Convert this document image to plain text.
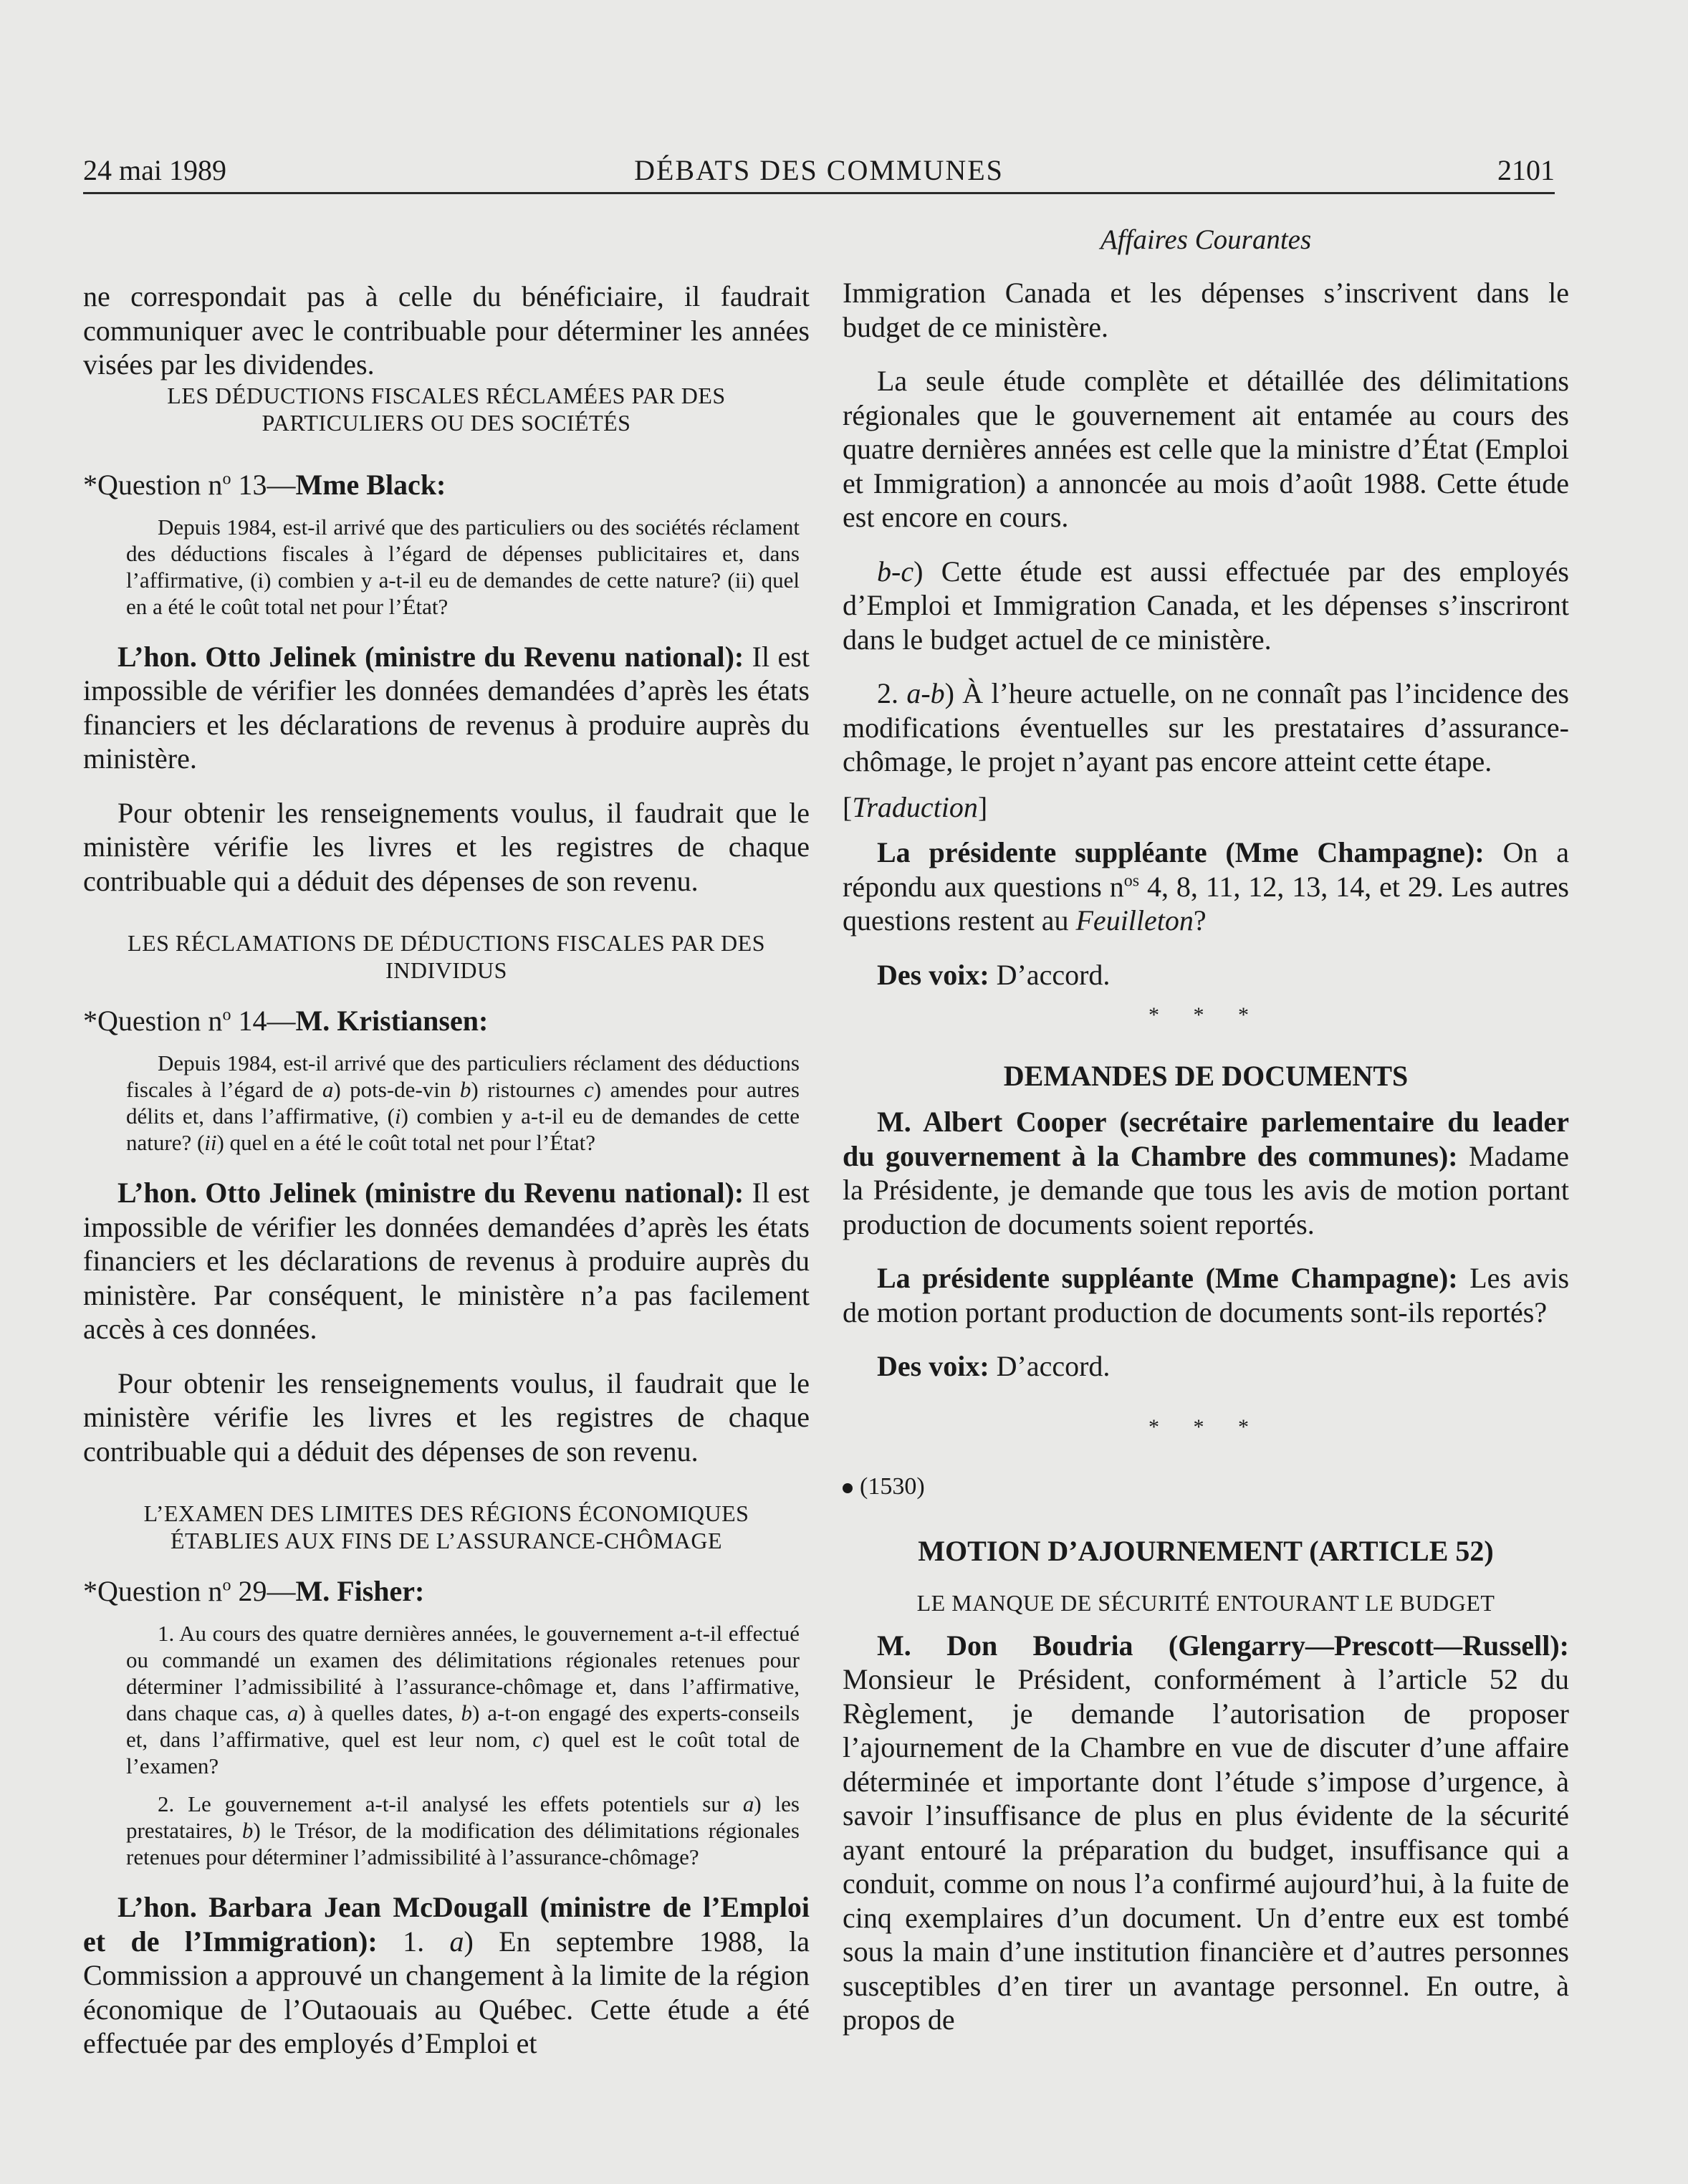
24 mai 1989	DÉBATS DES COMMUNES	2101
Affaires Courantes

ne correspondait pas à celle du bénéficiaire, il faudrait communiquer avec le contribuable pour déterminer les années visées par les dividendes.

LES DÉDUCTIONS FISCALES RÉCLAMÉES PAR DES PARTICULIERS OU DES SOCIÉTÉS

*Question $n^o$ 13—Mme Black:

Depuis 1984, est-il arrivé que des particuliers ou des sociétés réclament des déductions fiscales à l’égard de dépenses publicitaires et, dans l’affirmative, (i) combien y a-t-il eu de demandes de cette nature? (ii) quel en a été le coût total net pour l’État?

L’hon. Otto Jelinek (ministre du Revenu national): Il est impossible de vérifier les données demandées d’après les états financiers et les déclarations de revenus à produire auprès du ministère.

Pour obtenir les renseignements voulus, il faudrait que le ministère vérifie les livres et les registres de chaque contribuable qui a déduit des dépenses de son revenu.

LES RÉCLAMATIONS DE DÉDUCTIONS FISCALES PAR DES INDIVIDUS

*Question $n^o$ 14—M. Kristiansen:

Depuis 1984, est-il arrivé que des particuliers réclament des déductions fiscales à l’égard de a) pots-de-vin b) ristournes c) amendes pour autres délits et, dans l’affirmative, (i) combien y a-t-il eu de demandes de cette nature? (ii) quel en a été le coût total net pour l’État?

L’hon. Otto Jelinek (ministre du Revenu national): Il est impossible de vérifier les données demandées d’après les états financiers et les déclarations de revenus à produire auprès du ministère. Par conséquent, le ministère n’a pas facilement accès à ces données.

Pour obtenir les renseignements voulus, il faudrait que le ministère vérifie les livres et les registres de chaque contribuable qui a déduit des dépenses de son revenu.

L’EXAMEN DES LIMITES DES RÉGIONS ÉCONOMIQUES ÉTABLIES AUX FINS DE L’ASSURANCE-CHÔMAGE

*Question $n^o$ 29—M. Fisher:

1. Au cours des quatre dernières années, le gouvernement a-t-il effectué ou commandé un examen des délimitations régionales retenues pour déterminer l’admissibilité à l’assurance-chômage et, dans l’affirmative, dans chaque cas, a) à quelles dates, b) a-t-on engagé des experts-conseils et, dans l’affirmative, quel est leur nom, c) quel est le coût total de l’examen?
2. Le gouvernement a-t-il analysé les effets potentiels sur a) les prestataires, b) le Trésor, de la modification des délimitations régionales retenues pour déterminer l’admissibilité à l’assurance-chômage?

L’hon. Barbara Jean McDougall (ministre de l’Emploi et de l’Immigration): 1. a) En septembre 1988, la Commission a approuvé un changement à la limite de la région économique de l’Outaouais au Québec. Cette étude a été effectuée par des employés d’Emploi et

Immigration Canada et les dépenses s’inscrivent dans le budget de ce ministère.

La seule étude complète et détaillée des délimitations régionales que le gouvernement ait entamée au cours des quatre dernières années est celle que la ministre d’État (Emploi et Immigration) a annoncée au mois d’août 1988. Cette étude est encore en cours.

b-c) Cette étude est aussi effectuée par des employés d’Emploi et Immigration Canada, et les dépenses s’inscriront dans le budget actuel de ce ministère.

2. a-b) À l’heure actuelle, on ne connaît pas l’incidence des modifications éventuelles sur les prestataires d’assurance-chômage, le projet n’ayant pas encore atteint cette étape.

[Traduction]

La présidente suppléante (Mme Champagne): On a répondu aux questions $n^{os}$ 4, 8, 11, 12, 13, 14, et 29. Les autres questions restent au Feuilleton?

Des voix: D’accord.

* * *
DEMANDES DE DOCUMENTS

M. Albert Cooper (secrétaire parlementaire du leader du gouvernement à la Chambre des communes): Madame la Présidente, je demande que tous les avis de motion portant production de documents soient reportés.

La présidente suppléante (Mme Champagne): Les avis de motion portant production de documents sont-ils reportés?

Des voix: D’accord.

* * *
(1530)
MOTION D’AJOURNEMENT (ARTICLE 52)
LE MANQUE DE SÉCURITÉ ENTOURANT LE BUDGET

M. Don Boudria (Glengarry—Prescott—Russell): Monsieur le Président, conformément à l’article 52 du Règlement, je demande l’autorisation de proposer l’ajournement de la Chambre en vue de discuter d’une affaire déterminée et importante dont l’étude s’impose d’urgence, à savoir l’insuffisance de plus en plus évidente de la sécurité ayant entouré la préparation du budget, insuffisance qui a conduit, comme on nous l’a confirmé aujourd’hui, à la fuite de cinq exemplaires d’un document. Un d’entre eux est tombé sous la main d’une institution financière et d’autres personnes susceptibles d’en tirer un avantage personnel. En outre, à propos de
